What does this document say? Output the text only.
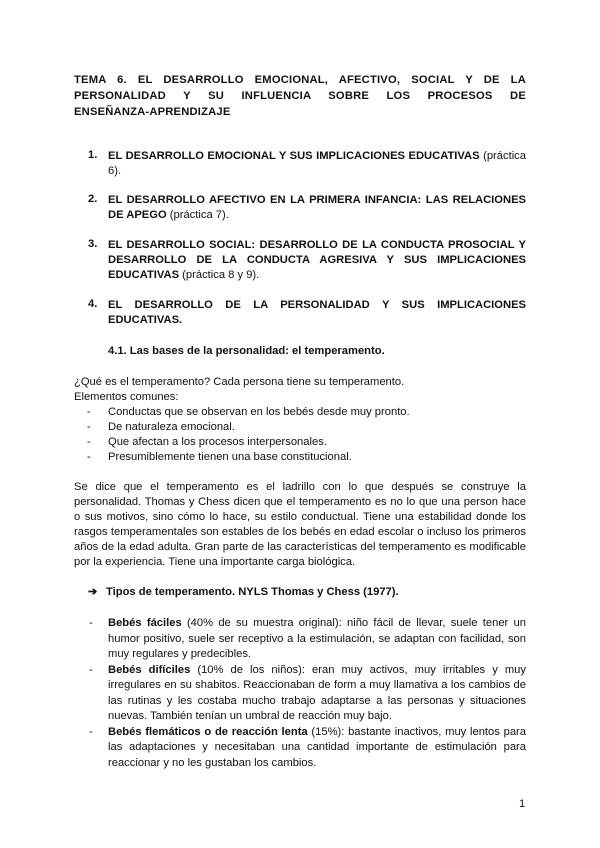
TEMA 6. EL DESARROLLO EMOCIONAL, AFECTIVO, SOCIAL Y DE LA
PERSONALIDAD Y SU INFLUENCIA SOBRE LOS PROCESOS DE
ENSEÑANZA-APRENDIZAJE
1. EL DESARROLLO EMOCIONAL Y SUS IMPLICACIONES EDUCATIVAS (práctica 6).
2. EL DESARROLLO AFECTIVO EN LA PRIMERA INFANCIA: LAS RELACIONES DE APEGO (práctica 7).
3. EL DESARROLLO SOCIAL: DESARROLLO DE LA CONDUCTA PROSOCIAL Y DESARROLLO DE LA CONDUCTA AGRESIVA Y SUS IMPLICACIONES EDUCATIVAS (práctica 8 y 9).
4. EL DESARROLLO DE LA PERSONALIDAD Y SUS IMPLICACIONES EDUCATIVAS.
4.1. Las bases de la personalidad: el temperamento.
¿Qué es el temperamento? Cada persona tiene su temperamento.
Elementos comunes:
- Conductas que se observan en los bebés desde muy pronto.
- De naturaleza emocional.
- Que afectan a los procesos interpersonales.
- Presumiblemente tienen una base constitucional.
Se dice que el temperamento es el ladrillo con lo que después se construye la personalidad. Thomas y Chess dicen que el temperamento es no lo que una person hace o sus motivos, sino cómo lo hace, su estilo conductual. Tiene una estabilidad donde los rasgos temperamentales son estables de los bebés en edad escolar o incluso los primeros años de la edad adulta. Gran parte de las características del temperamento es modificable por la experiencia. Tiene una importante carga biológica.
➔ Tipos de temperamento. NYLS Thomas y Chess (1977).
- Bebés fáciles (40% de su muestra original): niño fácil de llevar, suele tener un humor positivo, suele ser receptivo a la estimulación, se adaptan con facilidad, son muy regulares y predecibles.
- Bebés difíciles (10% de los niños): eran muy activos, muy irritables y muy irregulares en su shabitos. Reaccionaban de form a muy llamativa a los cambios de las rutinas y les costaba mucho trabajo adaptarse a las personas y situaciones nuevas. También tenían un umbral de reacción muy bajo.
- Bebés flemáticos o de reacción lenta (15%): bastante inactivos, muy lentos para las adaptaciones y necesitaban una cantidad importante de estimulación para reaccionar y no les gustaban los cambios.
1
